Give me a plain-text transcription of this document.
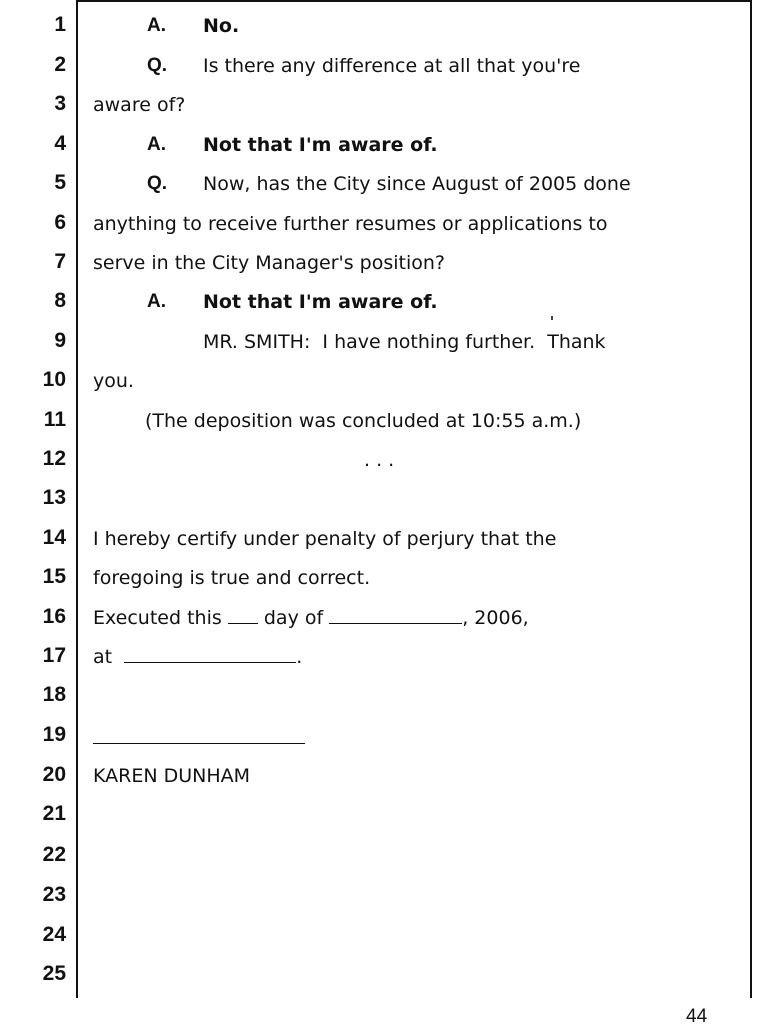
1
2
3
4
5
6
7
8
9
10
11
12
13
14
15
16
17
18
19
20
21
22
23
24
25
A. No.
Q. Is there any difference at all that you're
aware of?
A. Not that I'm aware of.
Q. Now, has the City since August of 2005 done
anything to receive further resumes or applications to
serve in the City Manager's position?
A. Not that I'm aware of.
MR. SMITH:  I have nothing further.  Thank
you.
(The deposition was concluded at 10:55 a.m.)
. . .
I hereby certify under penalty of perjury that the
foregoing is true and correct.
Executed this day of	, 2006,
at	.
KAREN DUNHAM
44
